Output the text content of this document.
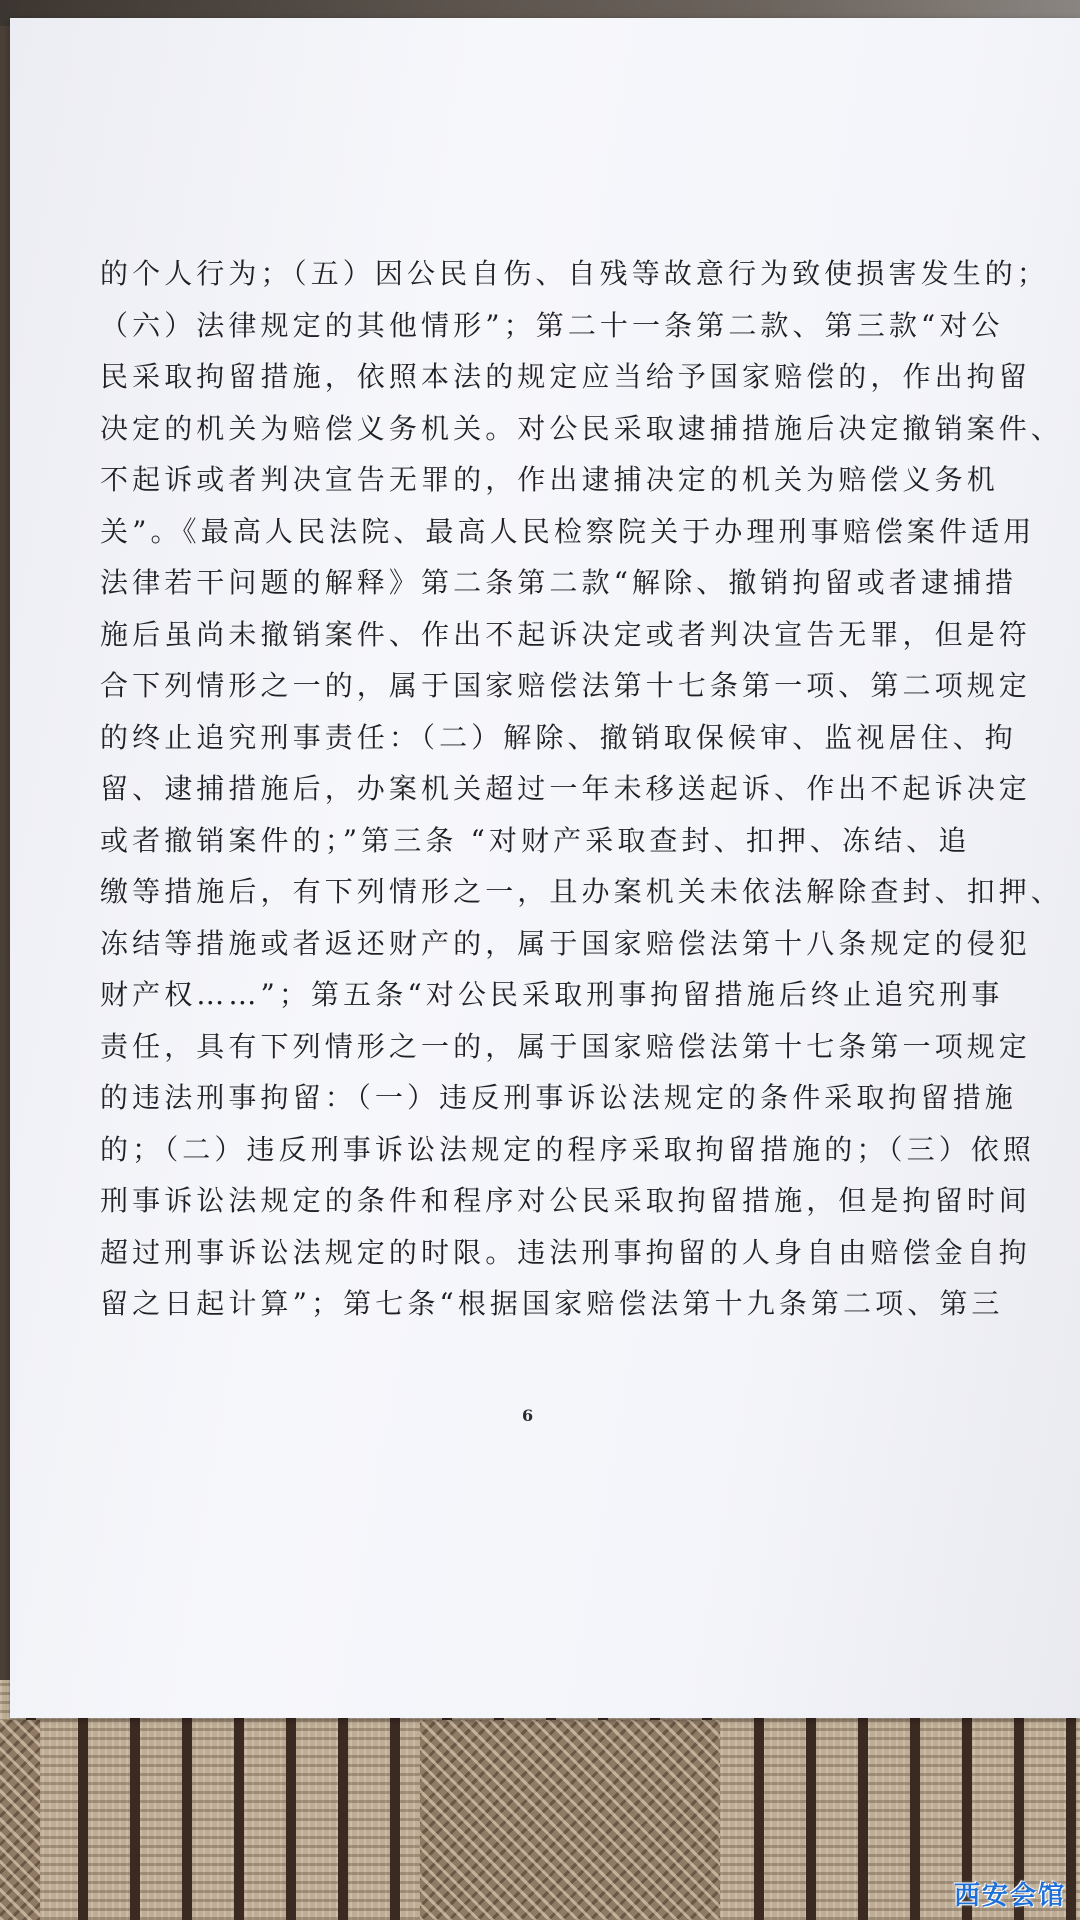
的个人行为；（五）因公民自伤、自残等故意行为致使损害发生的；
（六）法律规定的其他情形”；第二十一条第二款、第三款“对公
民采取拘留措施，依照本法的规定应当给予国家赔偿的，作出拘留
决定的机关为赔偿义务机关。对公民采取逮捕措施后决定撤销案件、
不起诉或者判决宣告无罪的，作出逮捕决定的机关为赔偿义务机
关”。《最高人民法院、最高人民检察院关于办理刑事赔偿案件适用
法律若干问题的解释》第二条第二款“解除、撤销拘留或者逮捕措
施后虽尚未撤销案件、作出不起诉决定或者判决宣告无罪，但是符
合下列情形之一的，属于国家赔偿法第十七条第一项、第二项规定
的终止追究刑事责任：（二）解除、撤销取保候审、监视居住、拘
留、逮捕措施后，办案机关超过一年未移送起诉、作出不起诉决定
或者撤销案件的；”第三条 “对财产采取查封、扣押、冻结、追
缴等措施后，有下列情形之一，且办案机关未依法解除查封、扣押、
冻结等措施或者返还财产的，属于国家赔偿法第十八条规定的侵犯
财产权……”；第五条“对公民采取刑事拘留措施后终止追究刑事
责任，具有下列情形之一的，属于国家赔偿法第十七条第一项规定
的违法刑事拘留：（一）违反刑事诉讼法规定的条件采取拘留措施
的；（二）违反刑事诉讼法规定的程序采取拘留措施的；（三）依照
刑事诉讼法规定的条件和程序对公民采取拘留措施，但是拘留时间
超过刑事诉讼法规定的时限。违法刑事拘留的人身自由赔偿金自拘
留之日起计算”；第七条“根据国家赔偿法第十九条第二项、第三

6
西安会馆
